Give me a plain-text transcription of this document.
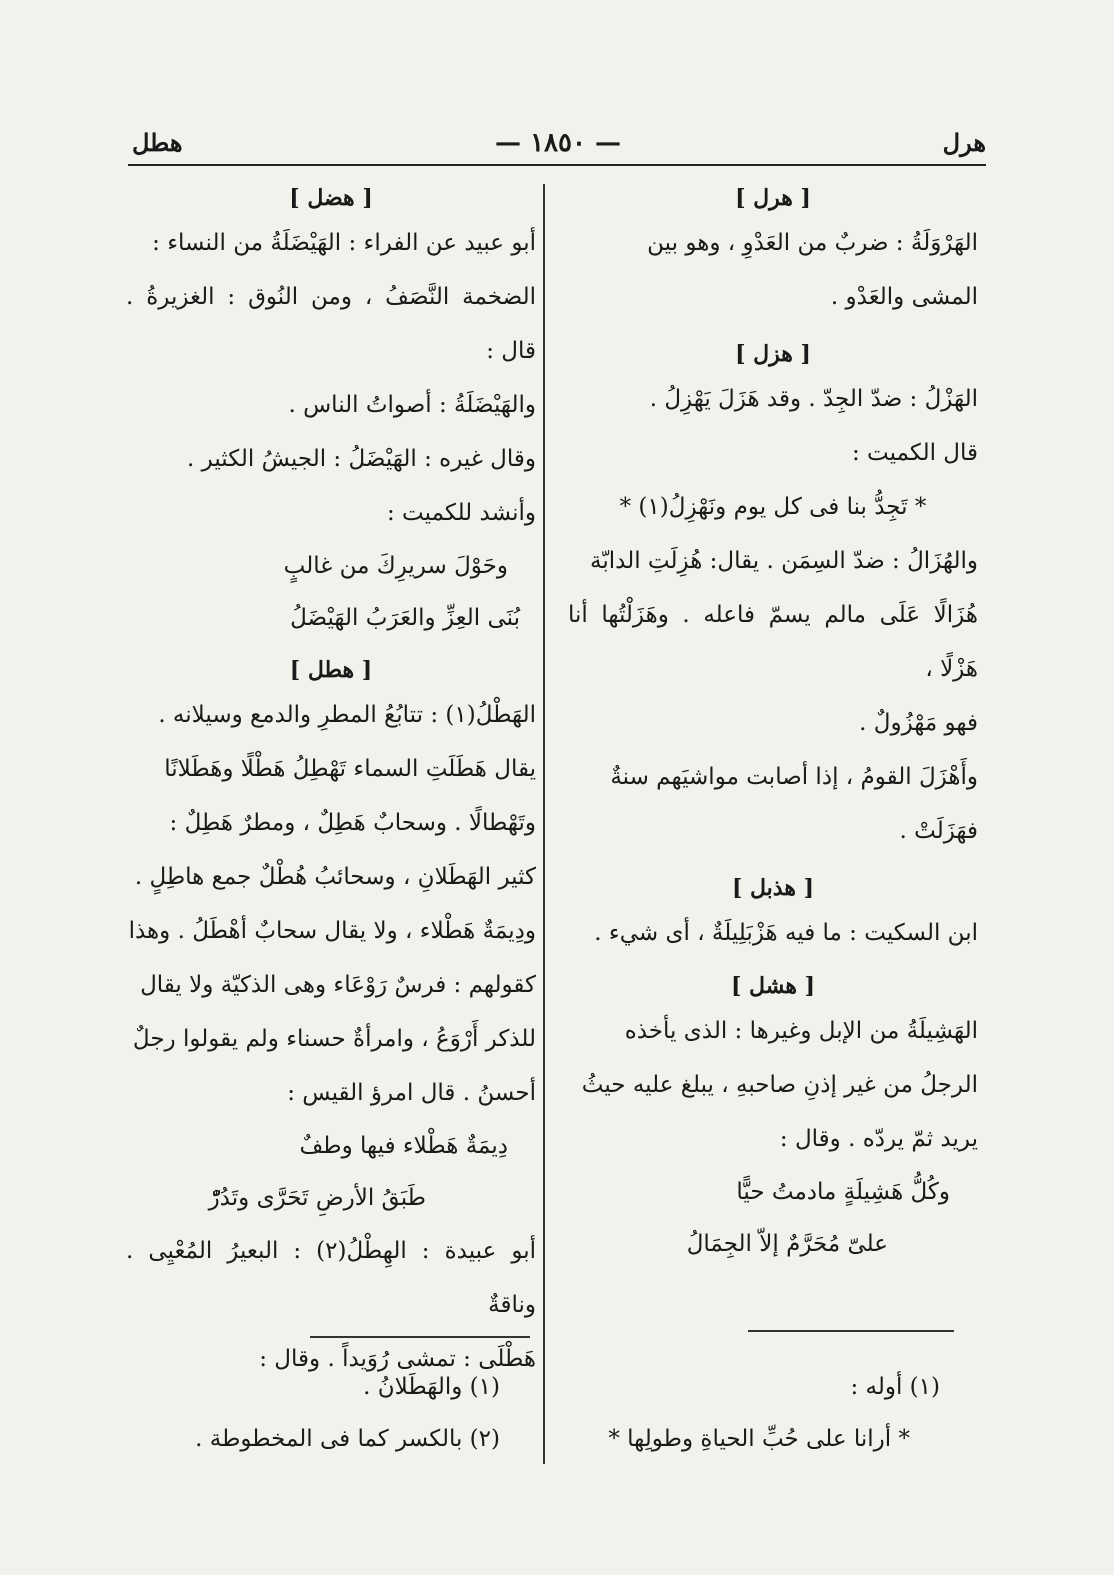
هرل
— ١٨٥٠ —
هطل

[ هرل ]

الهَرْوَلَةُ : ضربٌ من العَدْوِ ، وهو بين

المشى والعَدْو .

[ هزل ]

الهَزْلُ : ضدّ الجِدّ . وقد هَزَلَ يَهْزِلُ .

قال الكميت :

* تَجِدُّ بنا فى كل يوم ونَهْزِلُ(١) *

والهُزَالُ : ضدّ السِمَن . يقال: هُزِلَتِ الدابّة

هُزَالًا عَلَى مالم يسمّ فاعله . وهَزَلْتُها أنا هَزْلًا ،

فهو مَهْزُولٌ .

وأَهْزَلَ القومُ ، إذا أصابت مواشيَهم سنةٌ

فهَزَلَتْ .

[ هذبل ]

ابن السكيت : ما فيه هَزْبَلِيلَةٌ ، أى شيء .

[ هشل ]

الهَشِيلَةُ من الإبل وغيرها : الذى يأخذه

الرجلُ من غير إذنِ صاحبهِ ، يبلغ عليه حيثُ

يريد ثمّ يردّه . وقال :

وكُلُّ هَشِيلَةٍ مادمتُ حيًّا

علىّ مُحَرَّمٌ إلاّ الجِمَالُ

(١) أوله :
* أرانا على حُبِّ الحياةِ وطولِها *

[ هضل ]

أبو عبيد عن الفراء : الهَيْضَلَةُ من النساء :

الضخمة النَّصَفُ ، ومن النُوق : الغزيرةُ . قال :

والهَيْضَلَةُ : أصواتُ الناس .

وقال غيره : الهَيْضَلُ : الجيشُ الكثير .

وأنشد للكميت :

وحَوْلَ سريرِكَ من غالبٍ

بُنَى العِزِّ والعَرَبُ الهَيْضَلُ

[ هطل ]

الهَطْلُ(١) : تتابُعُ المطرِ والدمع وسيلانه .

يقال هَطَلَتِ السماء تَهْطِلُ هَطْلًا وهَطَلانًا

وتَهْطالًا . وسحابٌ هَطِلٌ ، ومطرٌ هَطِلٌ :

كثير الهَطَلانِ ، وسحائبُ هُطْلٌ جمع هاطِلٍ .

ودِيمَةٌ هَطْلاء ، ولا يقال سحابٌ أهْطَلُ . وهذا

كقولهم : فرسٌ رَوْعَاء وهى الذكيّة ولا يقال

للذكر أَرْوَعُ ، وامرأةٌ حسناء ولم يقولوا رجلٌ

أحسنُ . قال امرؤ القيس :

دِيمَةٌ هَطْلاء فيها وطفٌ

طَبَقُ الأرضِ تَحَرَّى وتَدُرّْ

أبو عبيدة : الهِطْلُ(٢) : البعيرُ المُعْيِى . وناقةٌ

هَطْلَى : تمشى رُوَيداً . وقال :

(١) والهَطَلانُ .
(٢) بالكسر كما فى المخطوطة .
